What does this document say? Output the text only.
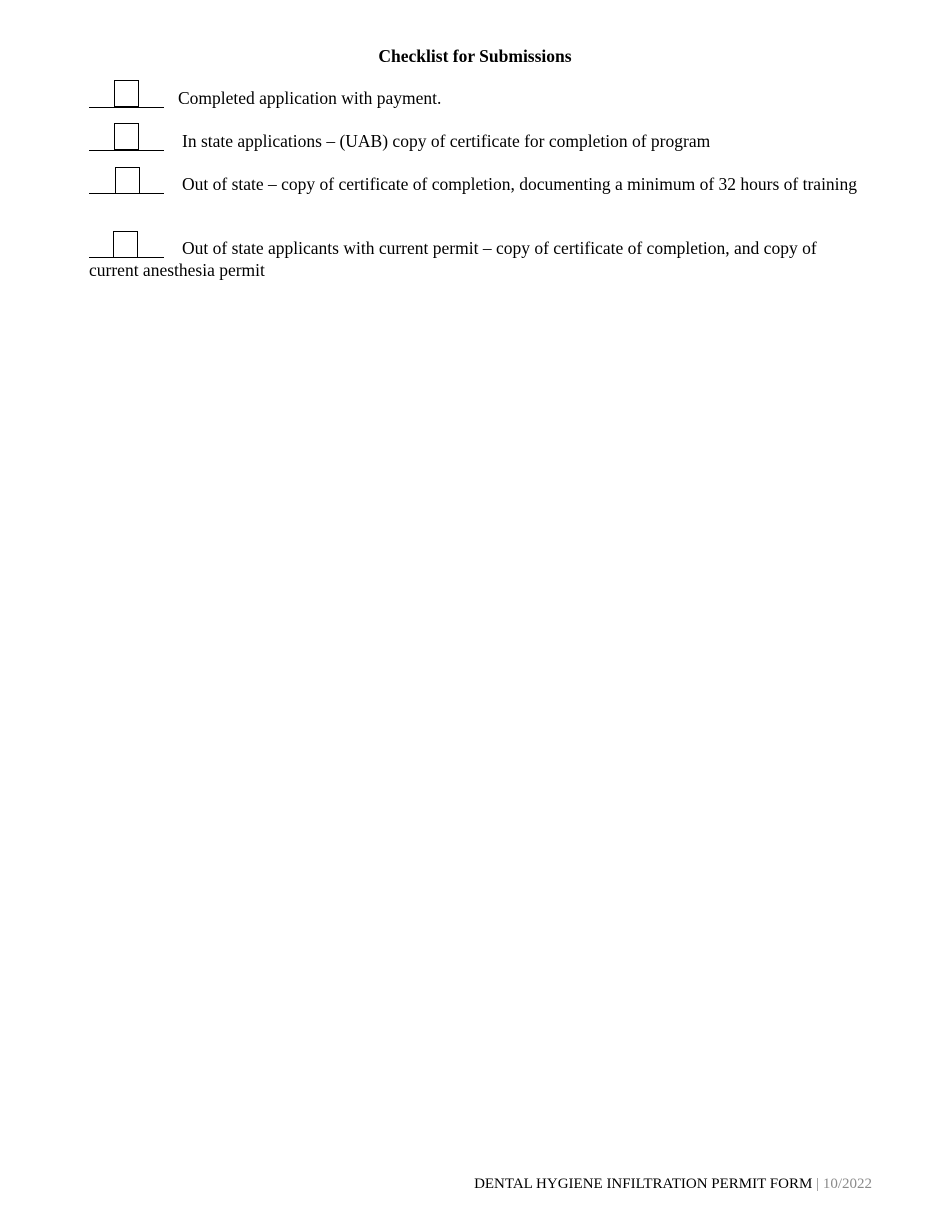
Checklist for Submissions
Completed application with payment.
In state applications – (UAB) copy of certificate for completion of program
Out of state – copy of certificate of completion, documenting a minimum of 32 hours of training
Out of state applicants with current permit – copy of certificate of completion, and copy of current anesthesia permit
DENTAL HYGIENE INFILTRATION PERMIT FORM | 10/2022
